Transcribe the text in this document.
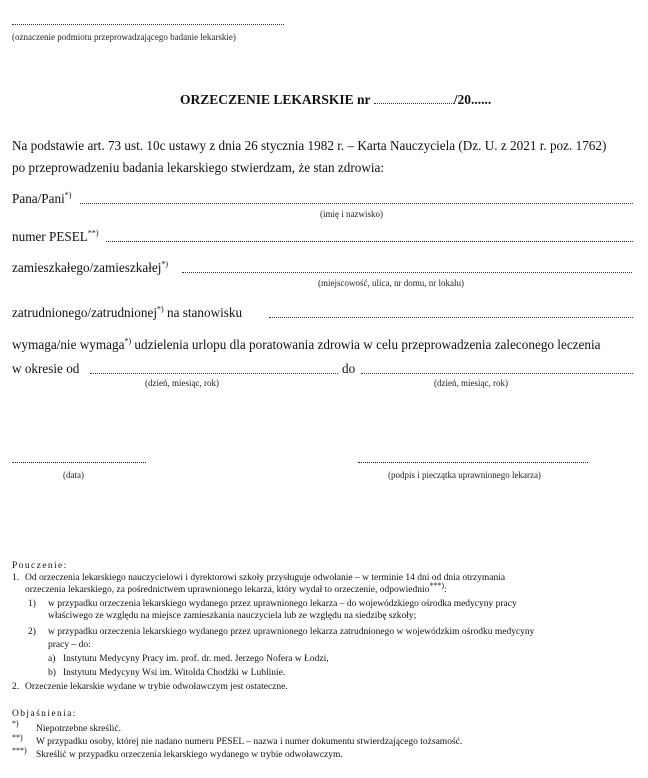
(oznaczenie podmiotu przeprowadzającego badanie lekarskie)
ORZECZENIE LEKARSKIE nr	/20......
Na podstawie art. 73 ust. 10c ustawy z dnia 26 stycznia 1982 r. – Karta Nauczyciela (Dz. U. z 2021 r. poz. 1762)
po przeprowadzeniu badania lekarskiego stwierdzam, że stan zdrowia:
Pana/Pani*)
(imię i nazwisko)
numer PESEL**)
zamieszkałego/zamieszkałej*)
(miejscowość, ulica, nr domu, nr lokalu)
zatrudnionego/zatrudnionej*) na stanowisku
wymaga/nie wymaga*) udzielenia urlopu dla poratowania zdrowia w celu przeprowadzenia zaleconego leczenia
w okresie od	do
(dzień, miesiąc, rok)	(dzień, miesiąc, rok)
(data)	(podpis i pieczątka uprawnionego lekarza)
Pouczenie:
1. Od orzeczenia lekarskiego nauczycielowi i dyrektorowi szkoły przysługuje odwołanie – w terminie 14 dni od dnia otrzymania
orzeczenia lekarskiego, za pośrednictwem uprawnionego lekarza, który wydał to orzeczenie, odpowiednio***):
1) w przypadku orzeczenia lekarskiego wydanego przez uprawnionego lekarza – do wojewódzkiego ośrodka medycyny pracy
właściwego ze względu na miejsce zamieszkania nauczyciela lub ze względu na siedzibę szkoły;
2) w przypadku orzeczenia lekarskiego wydanego przez uprawnionego lekarza zatrudnionego w wojewódzkim ośrodku medycyny
pracy – do:
a) Instytutu Medycyny Pracy im. prof. dr. med. Jerzego Nofera w Łodzi,
b) Instytutu Medycyny Wsi im. Witolda Chodźki w Lublinie.
2. Orzeczenie lekarskie wydane w trybie odwoławczym jest ostateczne.
Objaśnienia:
*)
Niepotrzebne skreślić.
**) W przypadku osoby, której nie nadano numeru PESEL – nazwa i numer dokumentu stwierdzającego tożsamość.
***) Skreślić w przypadku orzeczenia lekarskiego wydanego w trybie odwoławczym.
